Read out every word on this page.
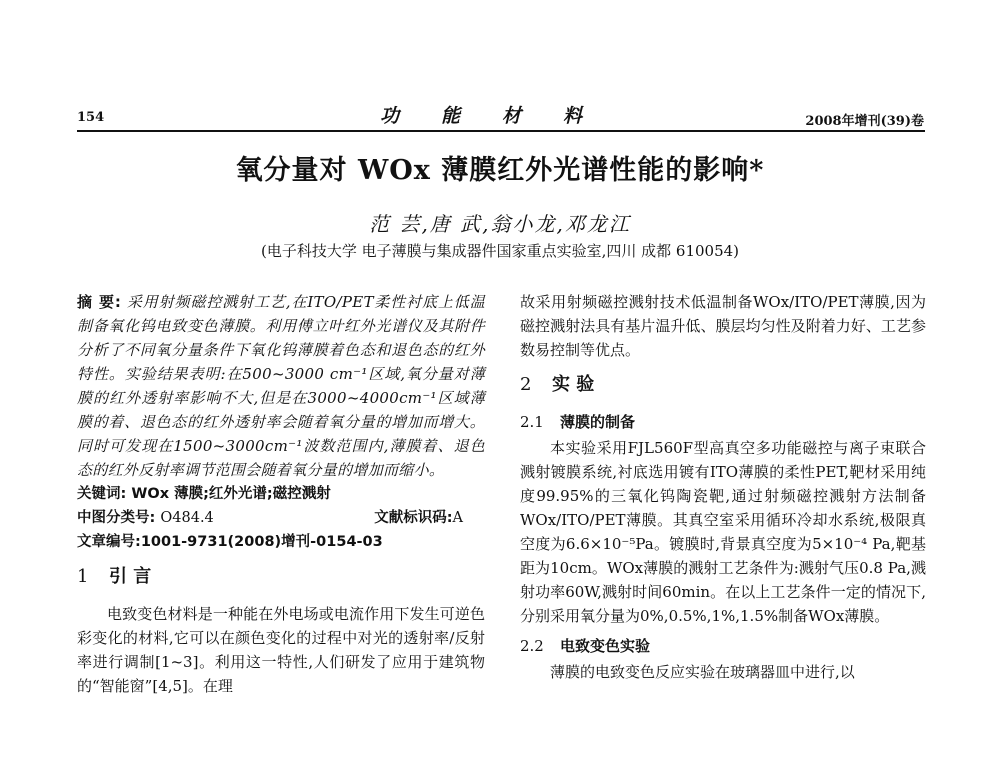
154	功能材料	2008年增刊(39)卷
氧分量对 WOx 薄膜红外光谱性能的影响*
范 芸,唐 武,翁小龙,邓龙江
(电子科技大学 电子薄膜与集成器件国家重点实验室,四川 成都 610054)

摘 要: 采用射频磁控溅射工艺,在ITO/PET柔性衬底上低温制备氧化钨电致变色薄膜。利用傅立叶红外光谱仪及其附件分析了不同氧分量条件下氧化钨薄膜着色态和退色态的红外特性。实验结果表明:在500~3000 cm⁻¹区域,氧分量对薄膜的红外透射率影响不大,但是在3000~4000cm⁻¹区域薄膜的着、退色态的红外透射率会随着氧分量的增加而增大。同时可发现在1500~3000cm⁻¹波数范围内,薄膜着、退色态的红外反射率调节范围会随着氧分量的增加而缩小。

关键词: WOx 薄膜;红外光谱;磁控溅射

中图分类号: O484.4	文献标识码:A

文章编号:1001-9731(2008)增刊-0154-03

1 引 言

电致变色材料是一种能在外电场或电流作用下发生可逆色彩变化的材料,它可以在颜色变化的过程中对光的透射率/反射率进行调制[1~3]。利用这一特性,人们研发了应用于建筑物的“智能窗”[4,5]。在理

故采用射频磁控溅射技术低温制备WOx/ITO/PET薄膜,因为磁控溅射法具有基片温升低、膜层均匀性及附着力好、工艺参数易控制等优点。

2 实 验
2.1 薄膜的制备

本实验采用FJL560F型高真空多功能磁控与离子束联合溅射镀膜系统,衬底选用镀有ITO薄膜的柔性PET,靶材采用纯度99.95%的三氧化钨陶瓷靶,通过射频磁控溅射方法制备WOx/ITO/PET薄膜。其真空室采用循环冷却水系统,极限真空度为6.6×10⁻⁵Pa。镀膜时,背景真空度为5×10⁻⁴ Pa,靶基距为10cm。WOx薄膜的溅射工艺条件为:溅射气压0.8 Pa,溅射功率60W,溅射时间60min。在以上工艺条件一定的情况下,分别采用氧分量为0%,0.5%,1%,1.5%制备WOx薄膜。

2.2 电致变色实验

薄膜的电致变色反应实验在玻璃器皿中进行,以
